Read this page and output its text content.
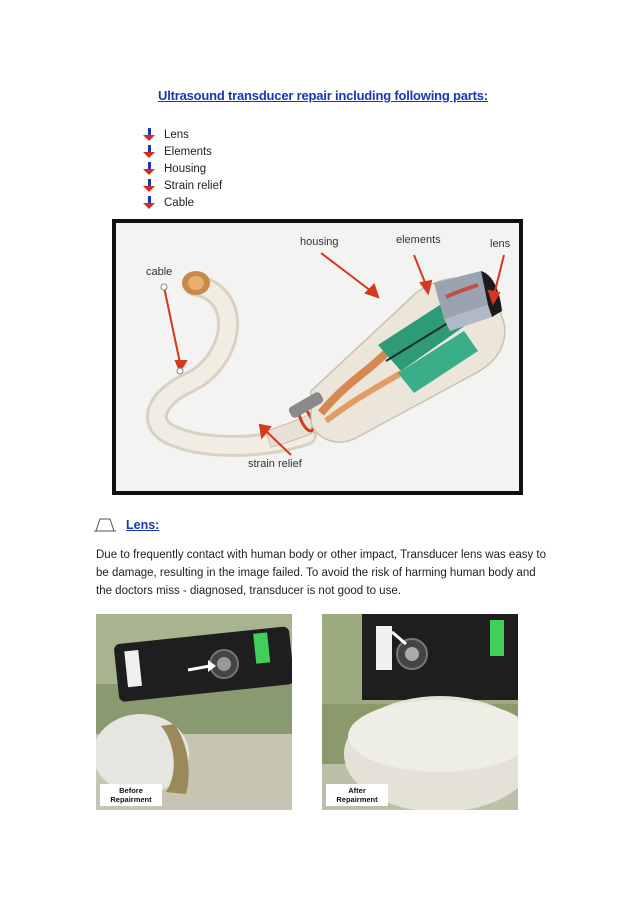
Ultrasound transducer repair including following parts:
Lens
Elements
Housing
Strain relief
Cable
cable
housing	elements	lens
strain relief
Lens:

Due to frequently contact with human body or other impact, Transducer lens was easy to be damage, resulting in the image failed. To avoid the risk of harming human body and the doctors miss - diagnosed, transducer is not good to use.

Before
Repairment
After
Repairment
